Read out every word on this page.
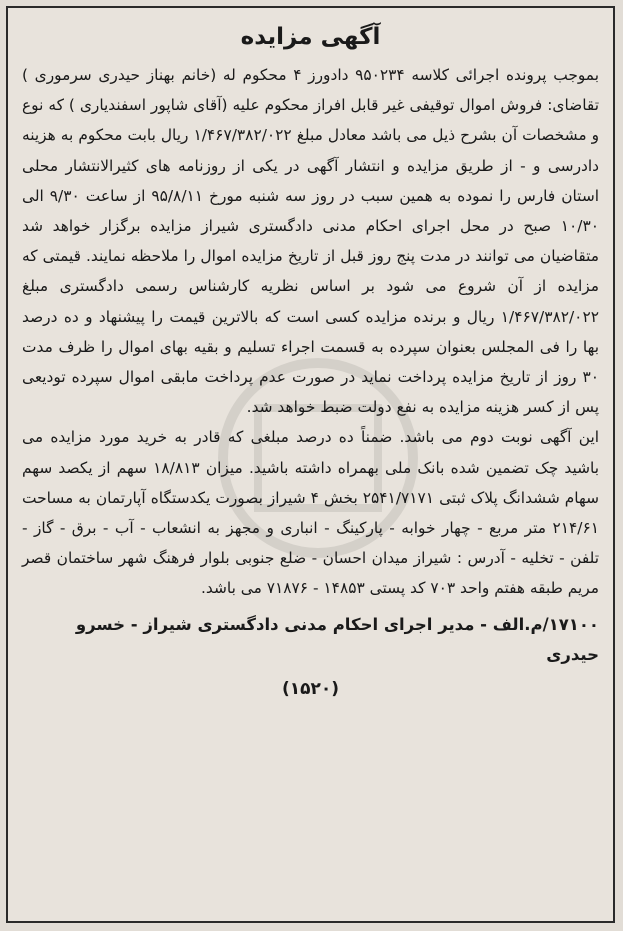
آگهی مزایده

بموجب پرونده اجرائی کلاسه ۹۵۰۲۳۴ دادورز ۴ محکوم له (خانم بهناز حیدری سرموری ) تقاضای: فروش اموال توقیفی غیر قابل افراز محکوم علیه (آقای شاپور اسفندیاری ) که نوع و مشخصات آن بشرح ذیل می باشد معادل مبلغ ۱/۴۶۷/۳۸۲/۰۲۲ ریال بابت محکوم به هزینه دادرسی و - از طریق مزایده و انتشار آگهی در یکی از روزنامه های کثیرالانتشار محلی استان فارس را نموده به همین سبب در روز سه شنبه مورخ ۹۵/۸/۱۱ از ساعت ۹/۳۰ الی ۱۰/۳۰ صبح در محل اجرای احکام مدنی دادگستری شیراز مزایده برگزار خواهد شد متقاضیان می توانند در مدت پنج روز قبل از تاریخ مزایده اموال را ملاحظه نمایند. قیمتی که مزایده از آن شروع می شود بر اساس نظریه کارشناس رسمی دادگستری مبلغ ۱/۴۶۷/۳۸۲/۰۲۲ ریال و برنده مزایده کسی است که بالاترین قیمت را پیشنهاد و ده درصد بها را فی المجلس بعنوان سپرده به قسمت اجراء تسلیم و بقیه بهای اموال را ظرف مدت ۳۰ روز از تاریخ مزایده پرداخت نماید در صورت عدم پرداخت مابقی اموال سپرده تودیعی پس از کسر هزینه مزایده به نفع دولت ضبط خواهد شد.

این آگهی نوبت دوم می باشد. ضمناً ده درصد مبلغی که قادر به خرید مورد مزایده می باشید چک تضمین شده بانک ملی بهمراه داشته باشید. میزان ۱۸/۸۱۳ سهم از یکصد سهم سهام ششدانگ پلاک ثبتی ۲۵۴۱/۷۱۷۱ بخش ۴ شیراز بصورت یکدستگاه آپارتمان به مساحت ۲۱۴/۶۱ متر مربع - چهار خوابه - پارکینگ - انباری و مجهز به انشعاب - آب - برق - گاز - تلفن - تخلیه - آدرس : شیراز میدان احسان - ضلع جنوبی بلوار فرهنگ شهر ساختمان قصر مریم طبقه هفتم واحد ۷۰۳ کد پستی ۱۴۸۵۳ - ۷۱۸۷۶ می باشد.

۱۷۱۰۰/م.الف - مدیر اجرای احکام مدنی دادگستری شیراز - خسرو حیدری
(۱۵۲۰)
